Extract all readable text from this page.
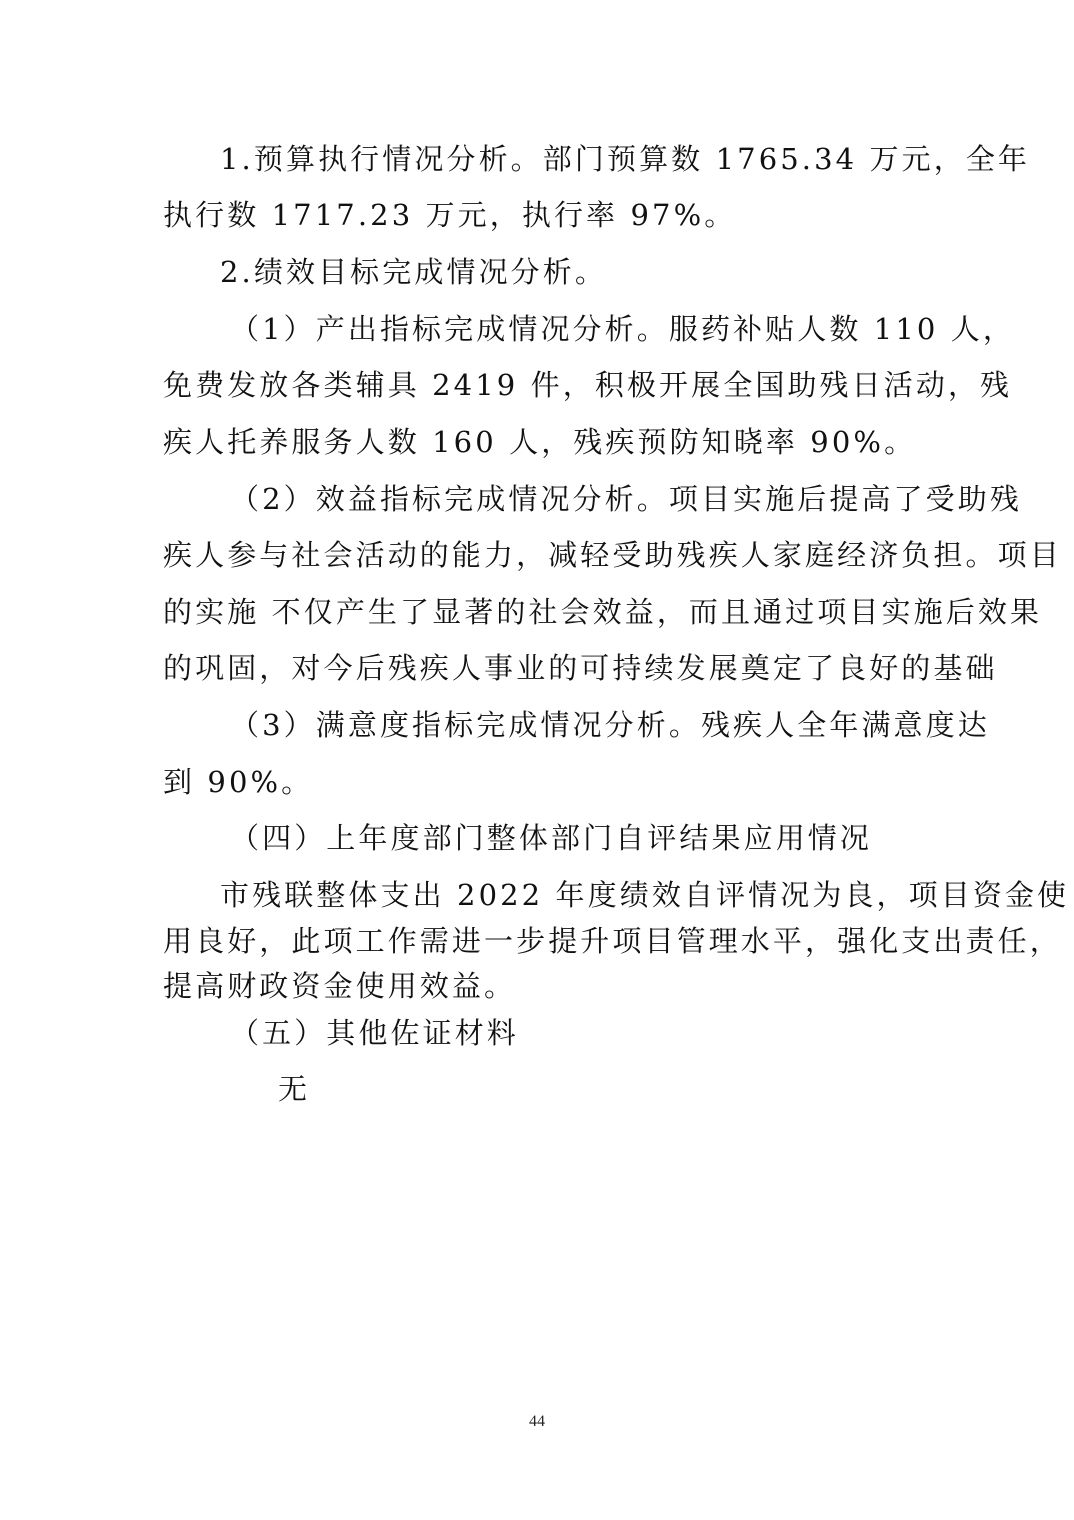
1.预算执行情况分析。部门预算数 1765.34 万元，全年
执行数 1717.23 万元，执行率 97%。
2.绩效目标完成情况分析。
（1）产出指标完成情况分析。服药补贴人数 110 人，
免费发放各类辅具 2419 件，积极开展全国助残日活动，残
疾人托养服务人数 160 人，残疾预防知晓率 90%。
（2）效益指标完成情况分析。项目实施后提高了受助残
疾人参与社会活动的能力，减轻受助残疾人家庭经济负担。项目
的实施 不仅产生了显著的社会效益，而且通过项目实施后效果
的巩固，对今后残疾人事业的可持续发展奠定了良好的基础
（3）满意度指标完成情况分析。残疾人全年满意度达
到 90%。
（四）上年度部门整体部门自评结果应用情况
市残联整体支出 2022 年度绩效自评情况为良，项目资金使
用良好，此项工作需进一步提升项目管理水平，强化支出责任，
提高财政资金使用效益。
（五）其他佐证材料
无
44
